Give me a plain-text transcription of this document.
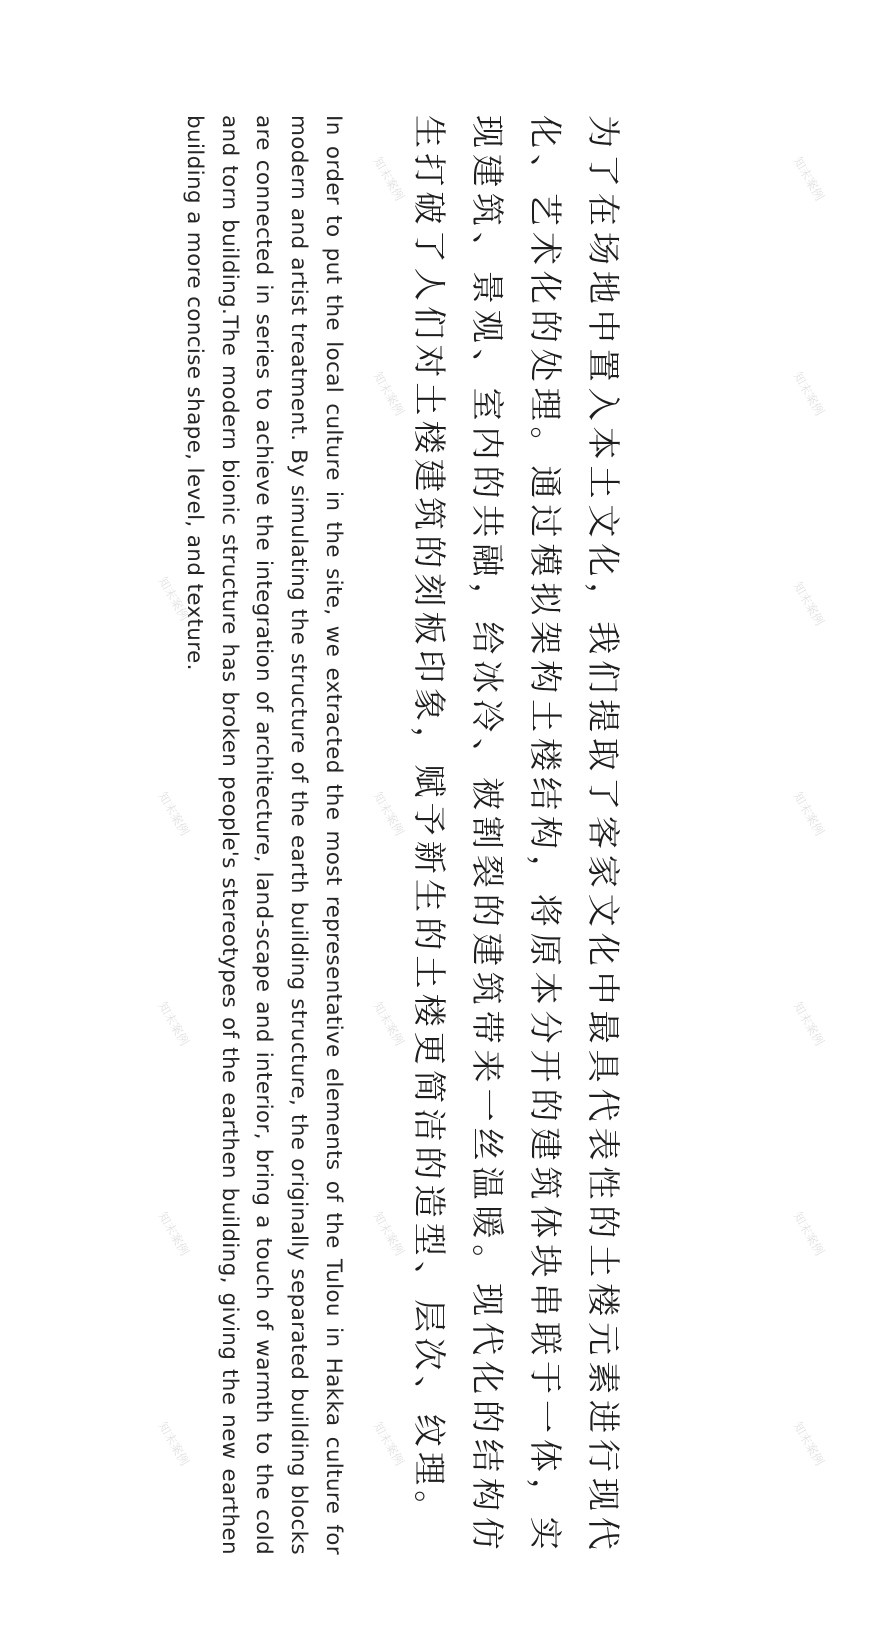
为了在场地中置入本土文化，我们提取了客家文化中最具代表性的土楼元素进行现代化、艺术化的处理。通过模拟架构土楼结构，将原本分开的建筑体块串联于一体，实现建筑、景观、室内的共融，给冰冷、被割裂的建筑带来一丝温暖。现代化的结构仿生打破了人们对土楼建筑的刻板印象，赋予新生的土楼更简洁的造型、层次、纹理。

In order to put the local culture in the site, we extracted the most representative elements of the Tulou in Hakka culture for modern and artist treatment. By simulating the structure of the earth building structure, the originally separated building blocks are connected in series to achieve the integration of architecture, land-scape and interior, bring a touch of warmth to the cold and torn building.The modern bionic structure has broken people's stereotypes of the earthen building, giving the new earthen building a more concise shape, level, and texture.	知末案例	知末案例
知末案例	知末案例
知末案例	知末案例
知末案例	知末案例	知末案例
知末案例	知末案例	知末案例
知末案例	知末案例	知末案例
知末案例	知末案例	知末案例
